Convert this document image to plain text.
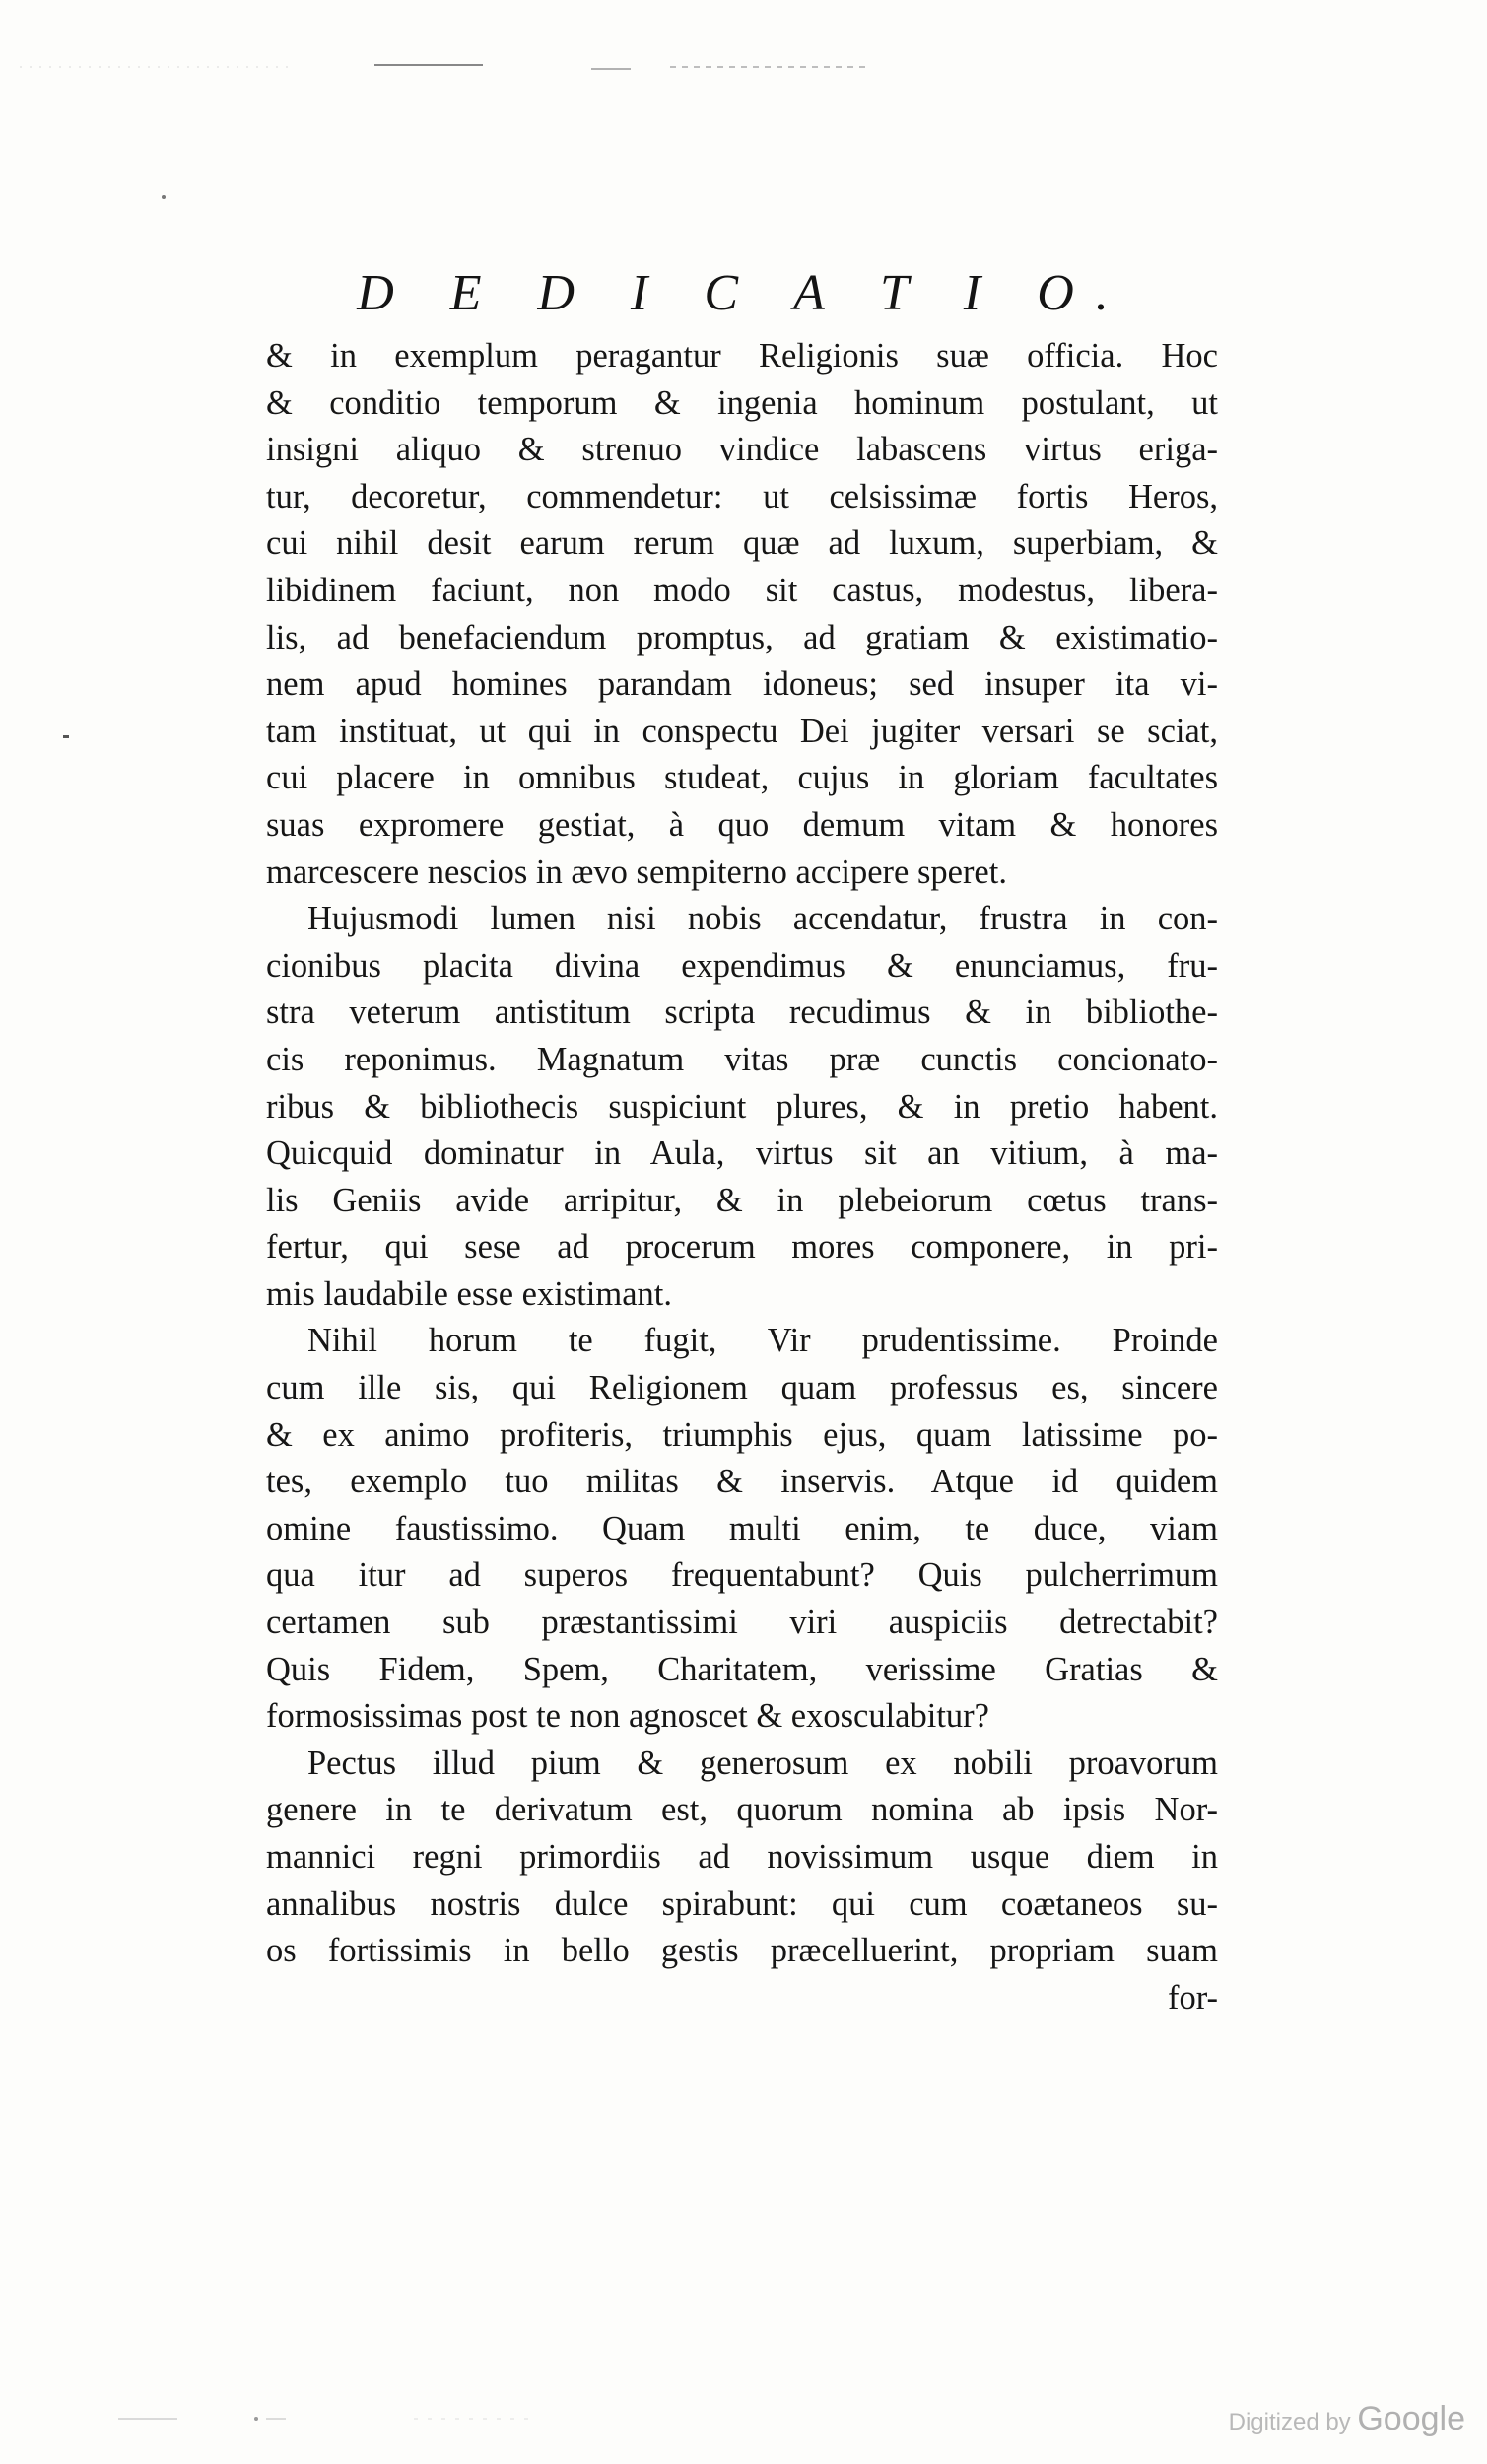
D E D I C A T I O.

& in exemplum peragantur Religionis suæ officia. Hoc
& conditio temporum & ingenia hominum postulant, ut
insigni aliquo & strenuo vindice labascens virtus eriga-
tur, decoretur, commendetur: ut celsissimæ fortis Heros,
cui nihil desit earum rerum quæ ad luxum, superbiam, &
libidinem faciunt, non modo sit castus, modestus, libera-
lis, ad benefaciendum promptus, ad gratiam & existimatio-
nem apud homines parandam idoneus; sed insuper ita vi-
tam instituat, ut qui in conspectu Dei jugiter versari se sciat,
cui placere in omnibus studeat, cujus in gloriam facultates
suas expromere gestiat, à quo demum vitam & honores
marcescere nescios in ævo sempiterno accipere speret.

Hujusmodi lumen nisi nobis accendatur, frustra in con-
cionibus placita divina expendimus & enunciamus, fru-
stra veterum antistitum scripta recudimus & in bibliothe-
cis reponimus. Magnatum vitas præ cunctis concionato-
ribus & bibliothecis suspiciunt plures, & in pretio habent.
Quicquid dominatur in Aula, virtus sit an vitium, à ma-
lis Geniis avide arripitur, & in plebeiorum cœtus trans-
fertur, qui sese ad procerum mores componere, in pri-
mis laudabile esse existimant.

Nihil horum te fugit, Vir prudentissime. Proinde
cum ille sis, qui Religionem quam professus es, sincere
& ex animo profiteris, triumphis ejus, quam latissime po-
tes, exemplo tuo militas & inservis. Atque id quidem
omine faustissimo. Quam multi enim, te duce, viam
qua itur ad superos frequentabunt? Quis pulcherrimum
certamen sub præstantissimi viri auspiciis detrectabit?
Quis Fidem, Spem, Charitatem, verissime Gratias &
formosissimas post te non agnoscet & exosculabitur?

Pectus illud pium & generosum ex nobili proavorum
genere in te derivatum est, quorum nomina ab ipsis Nor-
mannici regni primordiis ad novissimum usque diem in
annalibus nostris dulce spirabunt: qui cum coætaneos su-
os fortissimis in bello gestis præcelluerint, propriam suam
for-

Digitized by Google
